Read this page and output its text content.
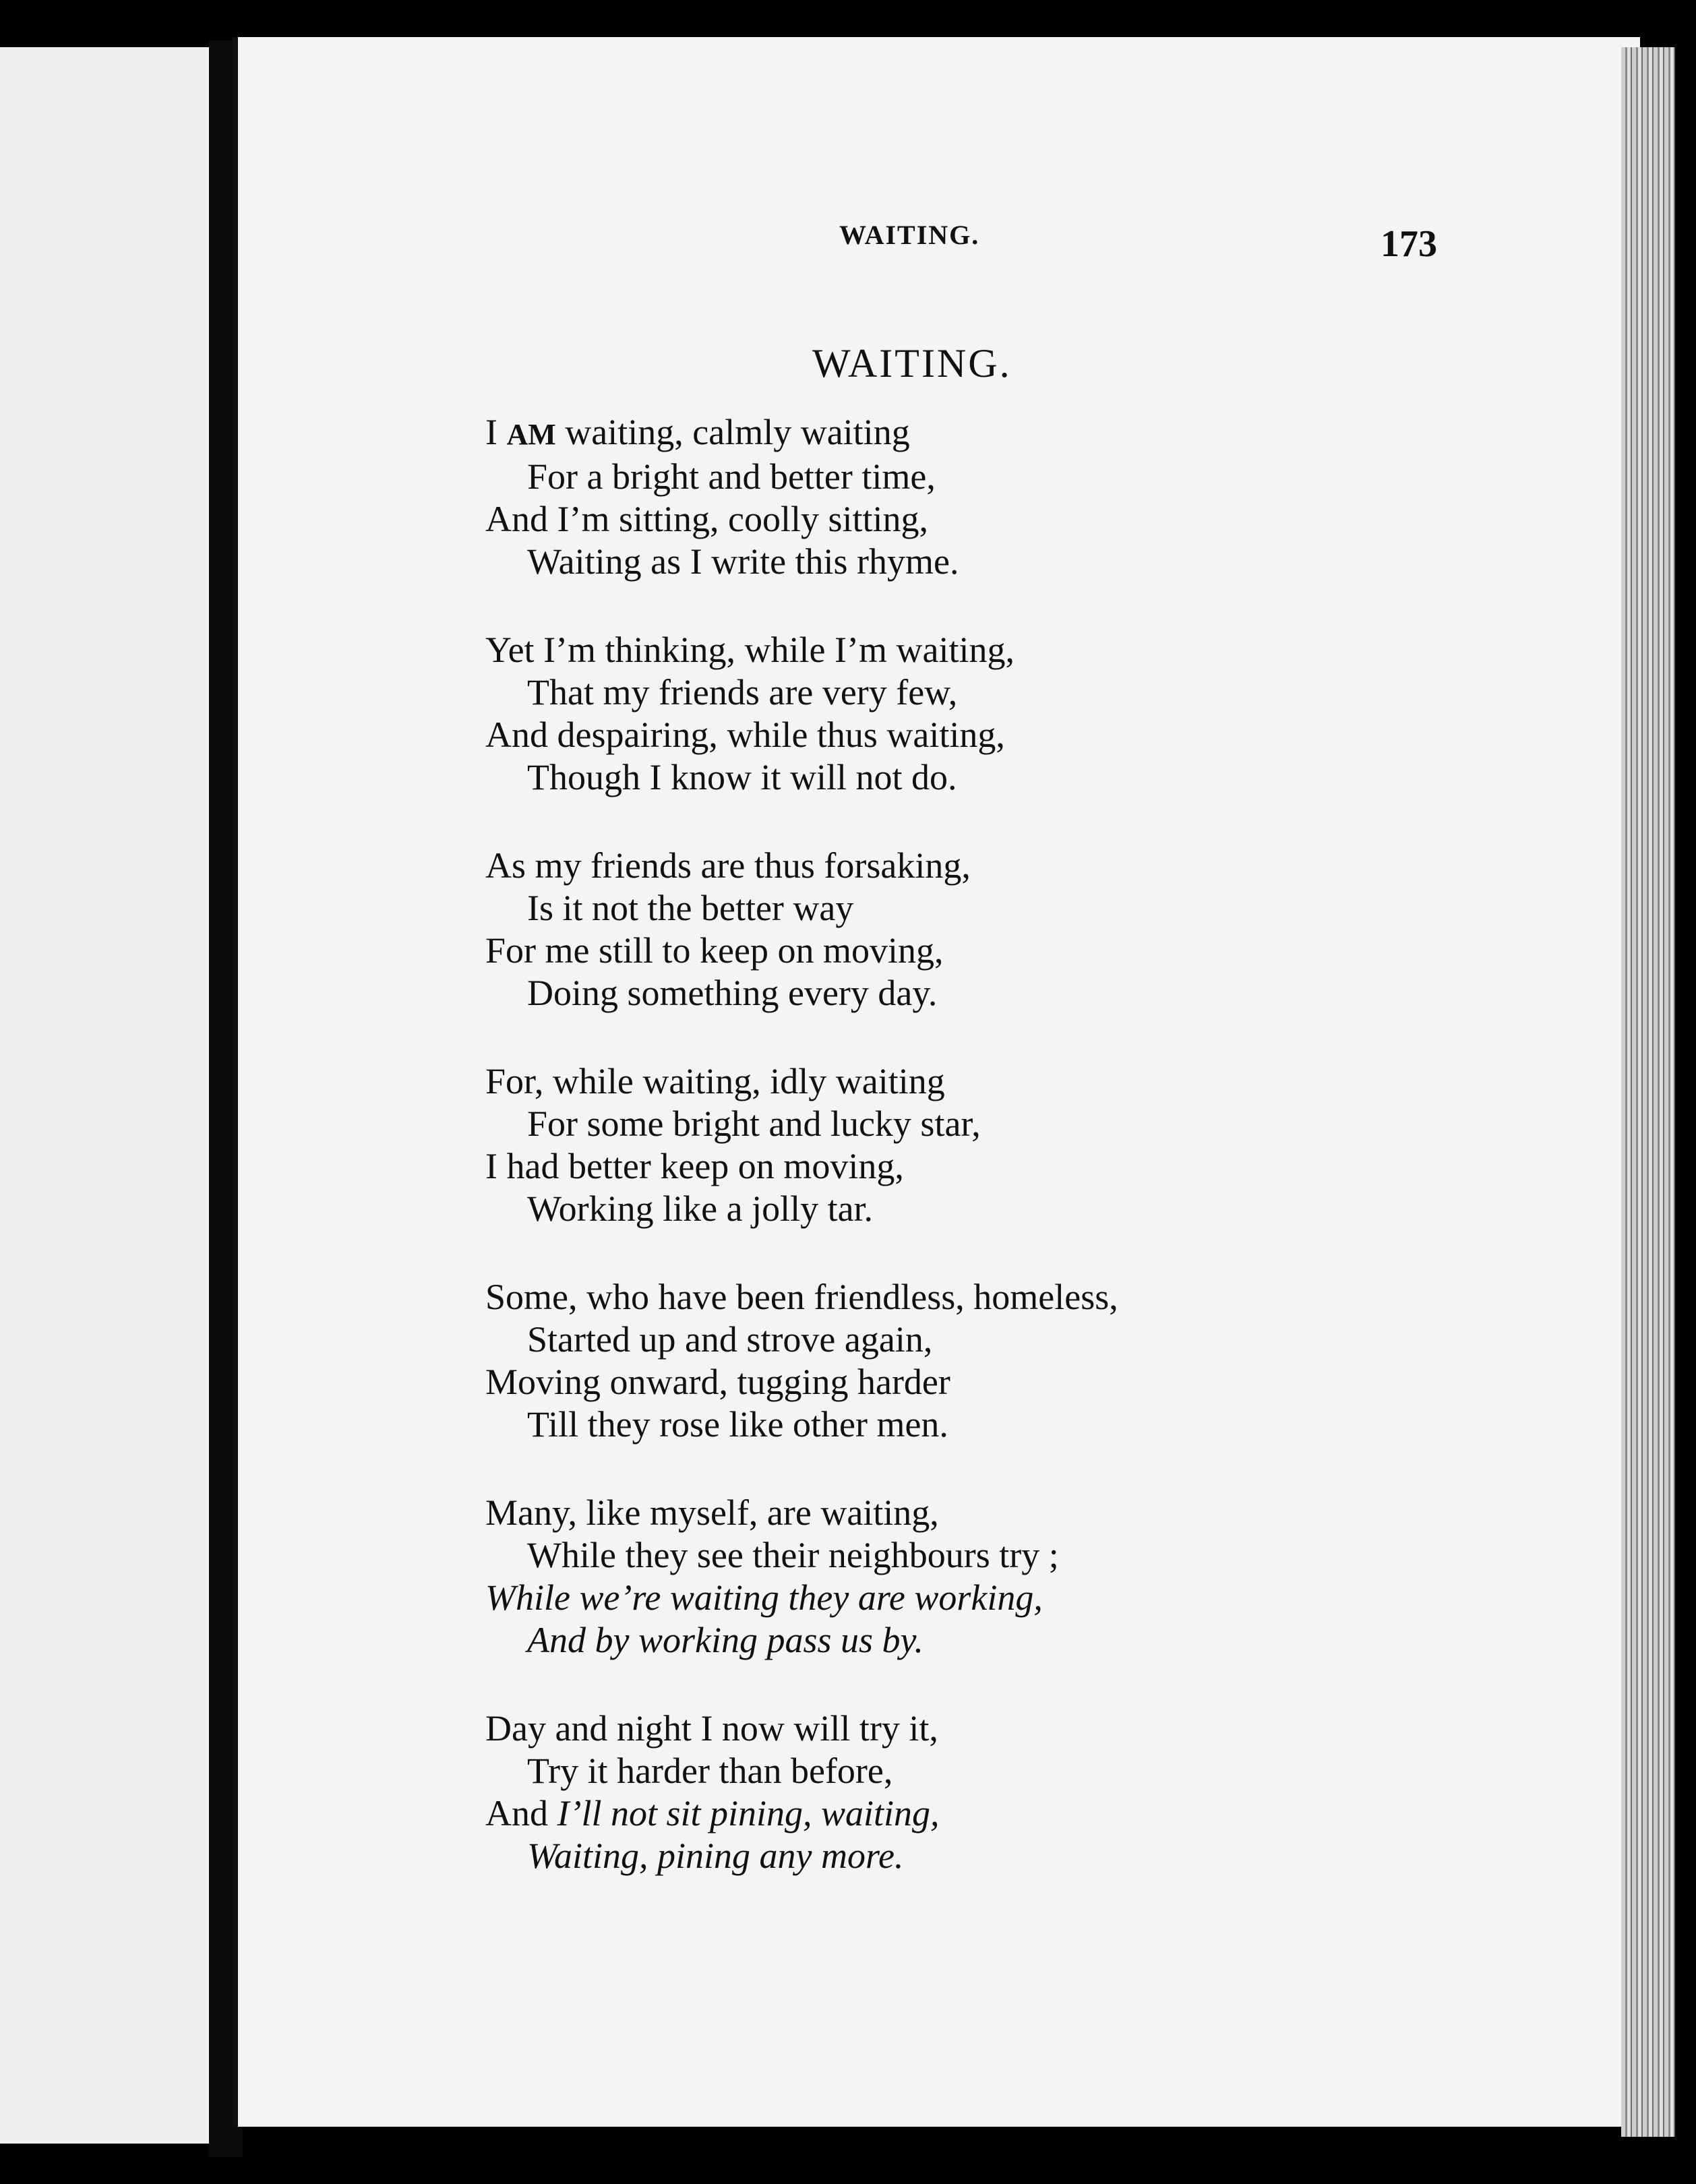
WAITING.	173
WAITING.
I AM waiting, calmly waiting
For a bright and better time,
And I’m sitting, coolly sitting,
Waiting as I write this rhyme.
Yet I’m thinking, while I’m waiting,
That my friends are very few,
And despairing, while thus waiting,
Though I know it will not do.
As my friends are thus forsaking,
Is it not the better way
For me still to keep on moving,
Doing something every day.
For, while waiting, idly waiting
For some bright and lucky star,
I had better keep on moving,
Working like a jolly tar.
Some, who have been friendless, homeless,
Started up and strove again,
Moving onward, tugging harder
Till they rose like other men.
Many, like myself, are waiting,
While they see their neighbours try ;
While we’re waiting they are working,
And by working pass us by.
Day and night I now will try it,
Try it harder than before,
And I’ll not sit pining, waiting,
Waiting, pining any more.
